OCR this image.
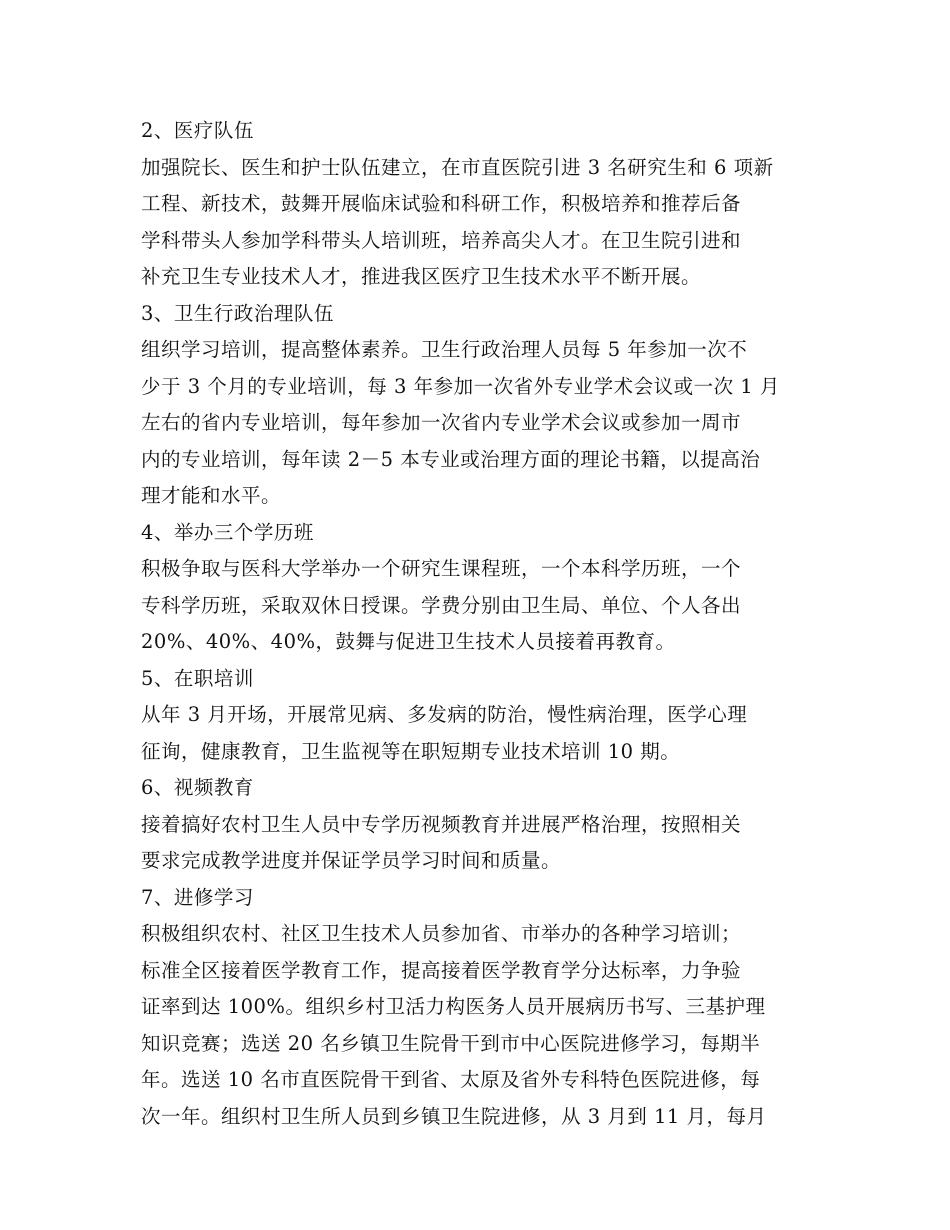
2、医疗队伍
加强院长、医生和护士队伍建立，在市直医院引进 3 名研究生和 6 项新
工程、新技术，鼓舞开展临床试验和科研工作，积极培养和推荐后备
学科带头人参加学科带头人培训班，培养高尖人才。在卫生院引进和
补充卫生专业技术人才，推进我区医疗卫生技术水平不断开展。
3、卫生行政治理队伍
组织学习培训，提高整体素养。卫生行政治理人员每 5 年参加一次不
少于 3 个月的专业培训，每 3 年参加一次省外专业学术会议或一次 1 月
左右的省内专业培训，每年参加一次省内专业学术会议或参加一周市
内的专业培训，每年读 2－5 本专业或治理方面的理论书籍，以提高治
理才能和水平。
4、举办三个学历班
积极争取与医科大学举办一个研究生课程班，一个本科学历班，一个
专科学历班，采取双休日授课。学费分别由卫生局、单位、个人各出
20%、40%、40%，鼓舞与促进卫生技术人员接着再教育。
5、在职培训
从年 3 月开场，开展常见病、多发病的防治，慢性病治理，医学心理
征询，健康教育，卫生监视等在职短期专业技术培训 10 期。
6、视频教育
接着搞好农村卫生人员中专学历视频教育并进展严格治理，按照相关
要求完成教学进度并保证学员学习时间和质量。
7、进修学习
积极组织农村、社区卫生技术人员参加省、市举办的各种学习培训；
标准全区接着医学教育工作，提高接着医学教育学分达标率，力争验
证率到达 100%。组织乡村卫活力构医务人员开展病历书写、三基护理
知识竞赛；选送 20 名乡镇卫生院骨干到市中心医院进修学习，每期半
年。选送 10 名市直医院骨干到省、太原及省外专科特色医院进修，每
次一年。组织村卫生所人员到乡镇卫生院进修，从 3 月到 11 月，每月
